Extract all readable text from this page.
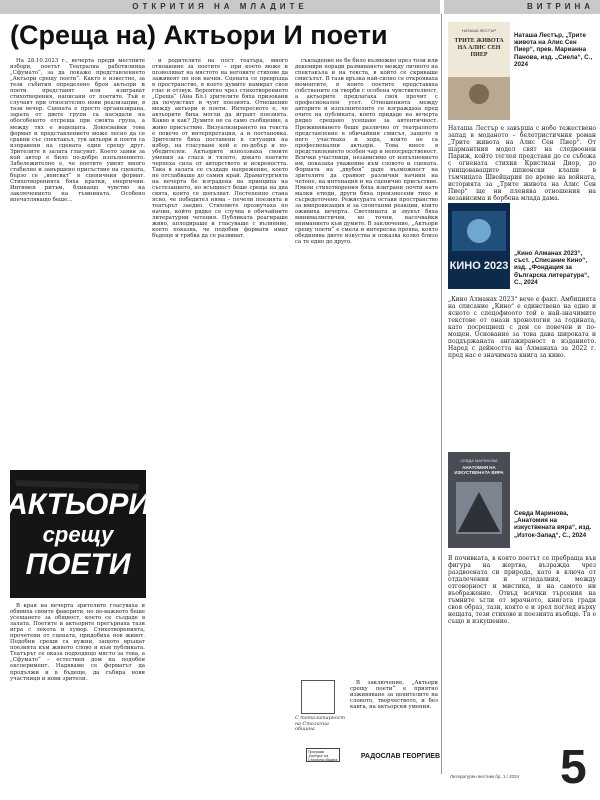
ОТКРИТИЯ НА МЛАДИТЕ	ВИТРИНА
(Среща на) Актьори И поети

На 28.10.2023 г., вечерта преди местните избори, поетът Театрална работилница „Сфумато“, за да покаже представлението „Актьори срещу поети“. Както е известно, за тези събития определено броя актьори и поети представят или изиграват стихотворения, написани от поетите. Тъй е случаят при относително нови реализации, в тази вечер. Сцената е просто организирана, зарата от двете групи са насядали на обособеното отсреща при своята група, а между тях е водещата. Докосвайки това формат и представлението може лесно да се сравни със спектакъл, тук актьори и поети са изправени на сцената един срещу друг. Зрителите в залата гласуват. Което заяви за кой автор е било по-добро изпълнението. Забележително е, че поетите умеят много стабилно и завършено присъствие на сцената, бързо се „вписват“ в сценичния формат. Стихотворенията бяха кратки, енергични. Интимен ритъм, бликащо чувство на заключението на тъмнината. Особено впечатляващо беше...

и родителите на пост театъра, много отношение за поетите – при което може и позволяват на мястото на неговите стихове да заживеят по нов начин. Сцената се превръща в пространство, в което думите намират своя глас и отзвук. Вероятно чрез стихотворението „Среща“ (Ана Бл.) зрителите бяха призовани да почувстват и чуят поезията. Отношение между актьори и поети. Интересното е, че актьорите биха могли да играят поезията. Какво и как? Думите не са само съобщение, а живо присъствие. Визуализирането на текста е повече от интерпретация, а и постановка. Зрителите бяха поставени в ситуация на избор, на гласуване кой е по-добър и по-убедителен. Актьорите използваха своите умения за гласа и тялото, докато поетите черпеха сила от авторството и искреността. Така в залата се създаде напрежение, което не отслабваше до самия край. Драматургията на вечерта бе изградена на принципа на състезанието, но всъщност беше среща на два свята, които се допълват. Постепенно стана ясно, че победител няма – печели поезията и театърът заедно. Стиховете прозвучаха по начин, който рядко се случва в обичайните литературни четения. Публиката реагираше живо, аплодираше и гласуваше с вълнение, което показва, че подобни формати имат бъдеще и трябва да се развиват.

съвладение не бе било възможно през този или декември поради размиването между личното на спектакъла и на текста, в който се скриваше смисълът. В тази връзка най-силно се открояваха моментите, в които поетите представяха собствените си творби с особена чувствителност, а актьорите предлагаха своя прочит с професионален усет. Отношенията между авторите и изпълнителите се изграждаха пред очите на публиката, което придаде на вечерта рядко срещано усещане за автентичност. Преживяването беше различно от театралното представление в обичайния смисъл, защото в него участваха и хора, които не са професионални актьори. Това внесе в представлението особен чар и непосредственост. Всички участници, независимо от изпълнението им, показаха уважение към словото и сцената. Формата на „двубоя“ даде възможност на зрителите да сравнят различни начини на четене, на интонация и на сценично присъствие. Някои стихотворения бяха изиграни почти като малки етюди, други бяха произнесени тихо и съсредоточено. Режисурата остави пространство за импровизация и за спонтанни реакции, които оживиха вечерта. Светлината и звукът бяха минималистични, но точни, насочвайки вниманието към думите. В заключение, „Актьори срещу поети“ е смела и интересна проява, която обединява двете изкуства и показва колко близо са те едно до друго.

АКТЬОРИ
срещу
ПОЕТИ

В края на вечерта зрителите гласуваха и обявиха своите фаворити, но по-важното беше усещането за общност, което се създаде в залата. Поетите и актьорите прегърнаха тази игра с лекота и хумор. Стихотворенията, прочетени от сцената, придобиха нов живот. Подобни срещи са нужни, защото връщат поезията към живото слово и към публиката. Театърът се оказа подходящо място за това, а „Сфумато“ – естествен дом на подобен експеримент. Надяваме се форматът да продължи и в бъдеще, да събира нови участници и нови зрители.

С тоталитарност на Столична община

В заключение, „Актьори срещу поети“ е приятно изживяване за ценителите на словото, творчеството, и без кавга, на актьорски умения.

Програма „Култура“ на Столична община	РАДОСЛАВ ГЕОРГИЕВ
НАТАША ЛЕСТЪР
ТРИТЕ ЖИВОТА НА АЛИС СЕН ПИЕР
Наташа Лестър, „Трите живота на Алис Сен Пиер“, прев. Марианна Панова, изд. „Сиела“, С., 2024
Наташа Лестър е завърша с нобо тежествено запад в моданото – белетристичния роман „Трите живота на Алис Сен Пиер“. От шармантния модел свят на следвоенен Париж, който теглея представя до се събожа с огнената стихия Кристиан Диор, до унищоваващите шпионски клаши в тъмчицата Швейцария по време на войната, историята за „Трите живота на Алис Сен Пиер“ ще ни пленява отношения на независима и борбена млада дама.
КИНО 2023
„Кино Алманах 2023“, съст. „Списание Кино“, изд. „Фондация за българска литература“, С., 2024
„Кино Алманах 2023“ вече е факт. Амбицията на списание „Кино“ е единствено на едно и ясното с спецофиоото той е най-значимите текстове от онази хронология за годината, като посрещнеш с ден се повечен и по-мощен. Основание за това дава широката и поддържаната ангажираност в изданието. Наред с дейността на Алманаха за 2022 г. пред нас е значимата книга за кино.
СЕВДА МАРИНОВА
АНАТОМИЯ НА ИЗКУСТВЕНАТА ВЯРА
Севда Маринова, „Анатомия на изкуствената вяра“, изд. „Изток-Запад“, С., 2024
В почивката, в която поетът се пребраща във фигура на жертва, възражда чрез раздвоената си природа, като в ключа от отдалечения и огледалния, между отговорност и мистика, и на самото ни въображение. Отвъд всички търсения на тъмните ъгли от мрачното, книгата гради своя образ, тази, която е и зрел поглед върху нещата, тези стихове и поезията въобще. Тя е също и изкушение.
5
Литературен вестник бр. 1 / 2024
